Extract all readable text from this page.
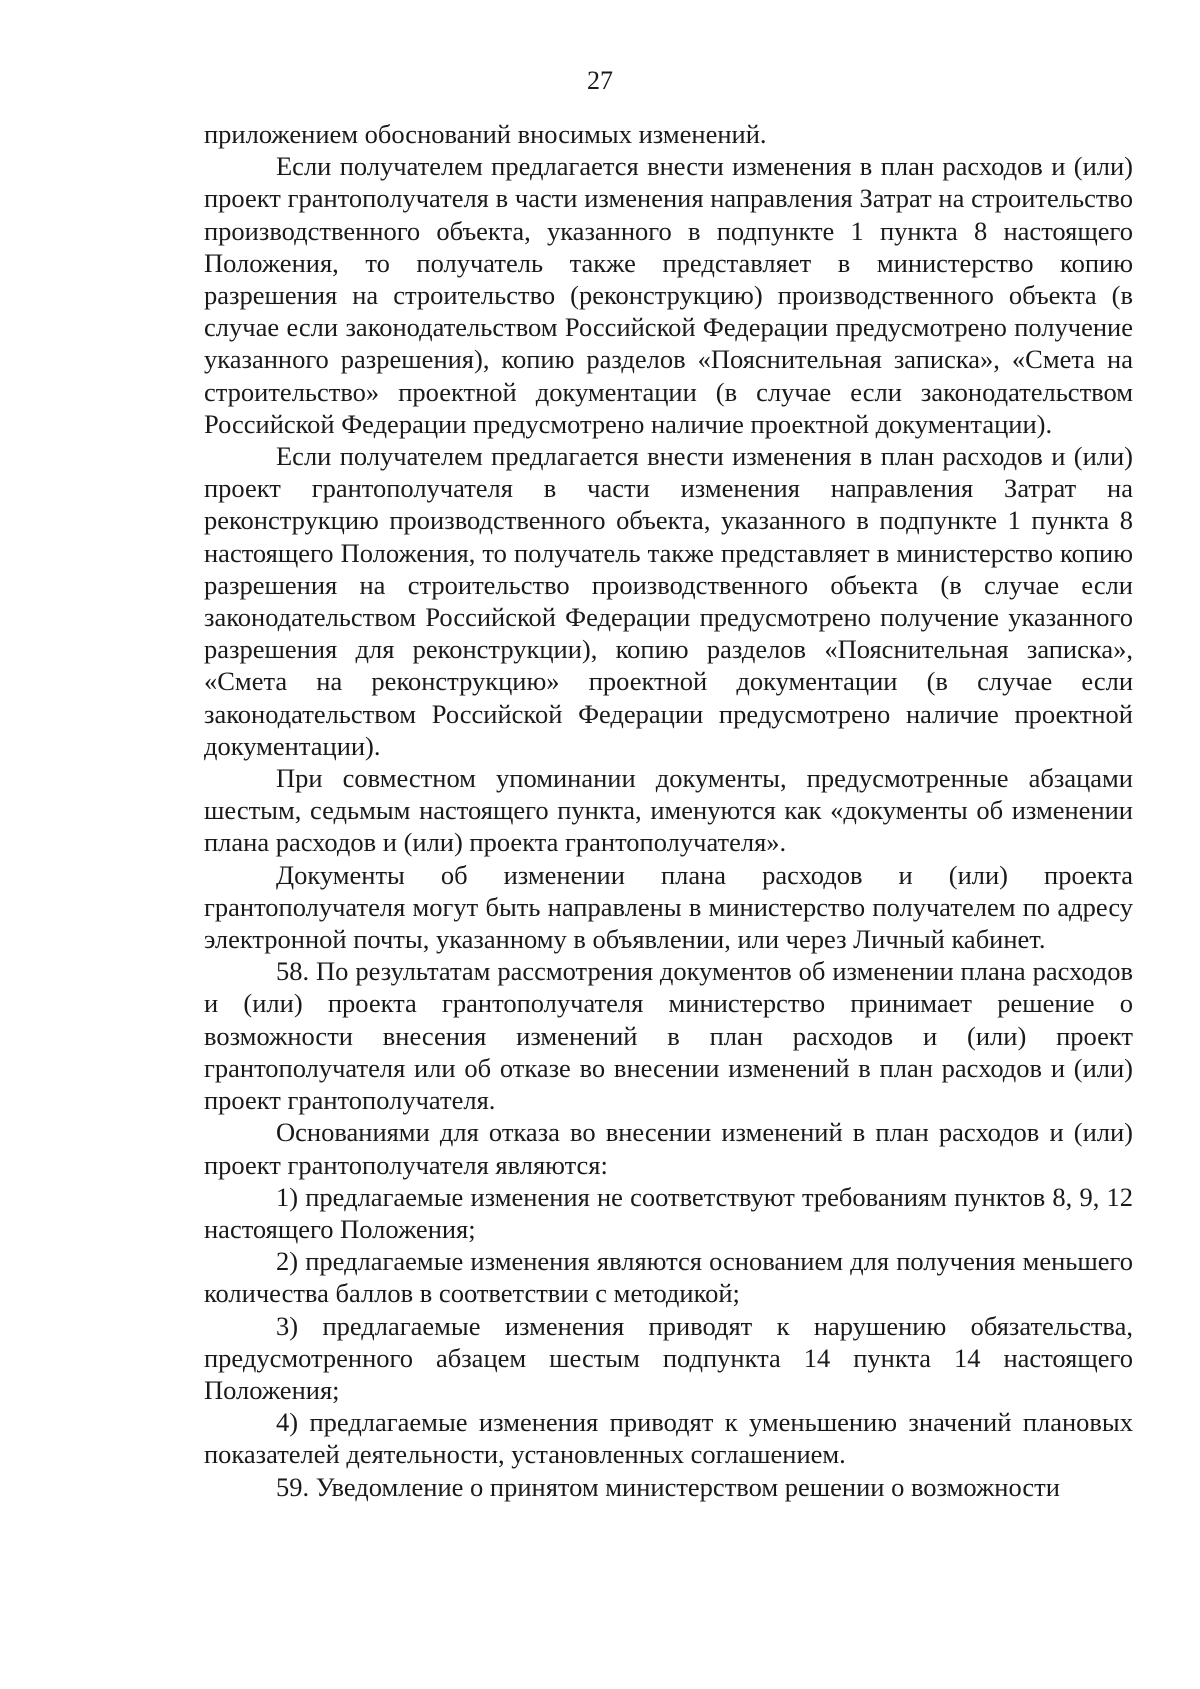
27

приложением обоснований вносимых изменений.

Если получателем предлагается внести изменения в план расходов и (или) проект грантополучателя в части изменения направления Затрат на строительство производственного объекта, указанного в подпункте 1 пункта 8 настоящего Положения, то получатель также представляет в министерство копию разрешения на строительство (реконструкцию) производственного объекта (в случае если законодательством Российской Федерации предусмотрено получение указанного разрешения), копию разделов «Пояснительная записка», «Смета на строительство» проектной документации (в случае если законодательством Российской Федерации предусмотрено наличие проектной документации).

Если получателем предлагается внести изменения в план расходов и (или) проект грантополучателя в части изменения направления Затрат на реконструкцию производственного объекта, указанного в подпункте 1 пункта 8 настоящего Положения, то получатель также представляет в министерство копию разрешения на строительство производственного объекта (в случае если законодательством Российской Федерации предусмотрено получение указанного разрешения для реконструкции), копию разделов «Пояснительная записка», «Смета на реконструкцию» проектной документации (в случае если законодательством Российской Федерации предусмотрено наличие проектной документации).

При совместном упоминании документы, предусмотренные абзацами шестым, седьмым настоящего пункта, именуются как «документы об изменении плана расходов и (или) проекта грантополучателя».

Документы об изменении плана расходов и (или) проекта грантополучателя могут быть направлены в министерство получателем по адресу электронной почты, указанному в объявлении, или через Личный кабинет.

58. По результатам рассмотрения документов об изменении плана расходов и (или) проекта грантополучателя министерство принимает решение о возможности внесения изменений в план расходов и (или) проект грантополучателя или об отказе во внесении изменений в план расходов и (или) проект грантополучателя.

Основаниями для отказа во внесении изменений в план расходов и (или) проект грантополучателя являются:

1) предлагаемые изменения не соответствуют требованиям пунктов 8, 9, 12 настоящего Положения;

2) предлагаемые изменения являются основанием для получения меньшего количества баллов в соответствии с методикой;

3) предлагаемые изменения приводят к нарушению обязательства, предусмотренного абзацем шестым подпункта 14 пункта 14 настоящего Положения;

4) предлагаемые изменения приводят к уменьшению значений плановых показателей деятельности, установленных соглашением.

59. Уведомление о принятом министерством решении о возможности
